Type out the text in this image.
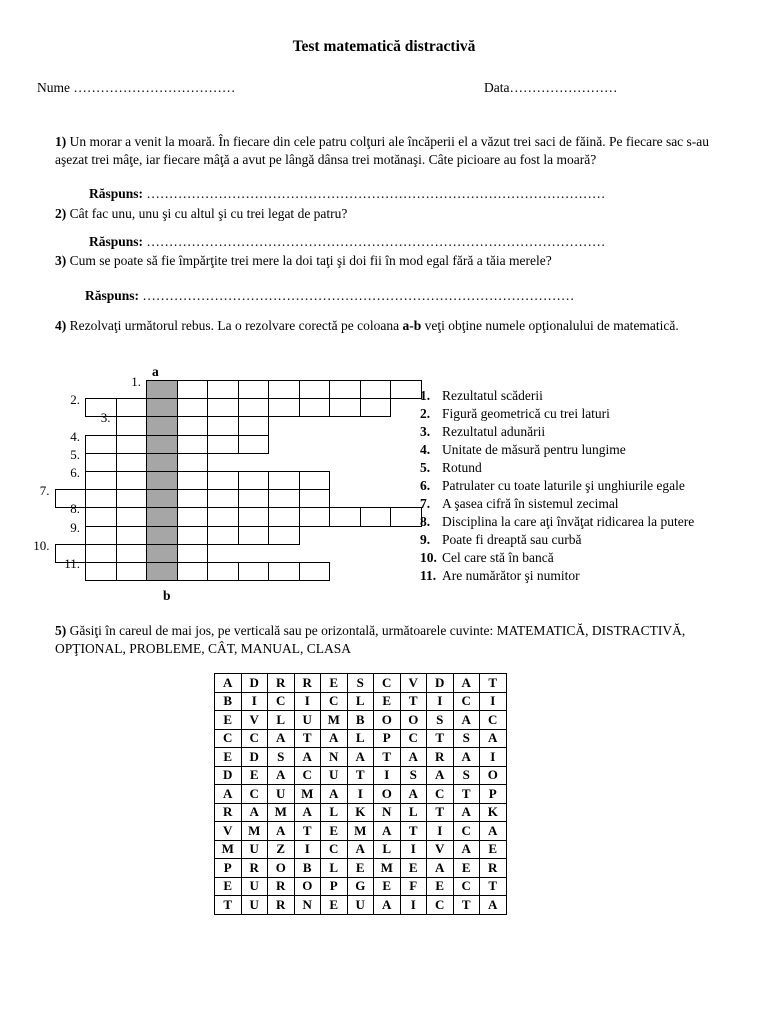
Test matematică distractivă
Nume ………………………………	Data……………………
1) Un morar a venit la moară. În fiecare din cele patru colţuri ale încăperii el a văzut trei saci de făină. Pe fiecare sac s-au aşezat trei mâţe, iar fiecare mâţă a avut pe lângă dânsa trei motănaşi. Câte picioare au fost la moară?
Răspuns: …………………………………………………………………………………………
2) Cât fac unu, unu şi cu altul şi cu trei legat de patru?
Răspuns: …………………………………………………………………………………………
3) Cum se poate să fie împărţite trei mere la doi taţi şi doi fii în mod egal fără a tăia merele?
Răspuns: ……………………………………………………………………………………
4) Rezolvaţi următorul rebus. La o rezolvare corectă pe coloana a-b veţi obţine numele opţionalului de matematică.
a
b
1.
2.
3.
4.
5.
6.
7.
8.
9.
10.
11.
1. Rezultatul scăderii
2. Figură geometrică cu trei laturi
3. Rezultatul adunării
4. Unitate de măsură pentru lungime
5. Rotund
6. Patrulater cu toate laturile şi unghiurile egale
7. A şasea cifră în sistemul zecimal
8. Disciplina la care aţi învăţat ridicarea la putere
9. Poate fi dreaptă sau curbă
10. Cel care stă în bancă
11. Are numărător şi numitor
5) Găsiţi în careul de mai jos, pe verticală sau pe orizontală, următoarele cuvinte: MATEMATICĂ, DISTRACTIVĂ, OPŢIONAL, PROBLEME, CÂT, MANUAL, CLASA
A	D	R	R	E	S	C	V	D	A	T
B	I	C	I	C	L	E	T	I	C	I
E	V	L	U	M	B	O	O	S	A	C
C	C	A	T	A	L	P	C	T	S	A
E	D	S	A	N	A	T	A	R	A	I
D	E	A	C	U	T	I	S	A	S	O
A	C	U	M	A	I	O	A	C	T	P
R	A	M	A	L	K	N	L	T	A	K
V	M	A	T	E	M	A	T	I	C	A
M	U	Z	I	C	A	L	I	V	A	E
P	R	O	B	L	E	M	E	A	E	R
E	U	R	O	P	G	E	F	E	C	T
T	U	R	N	E	U	A	I	C	T	A
